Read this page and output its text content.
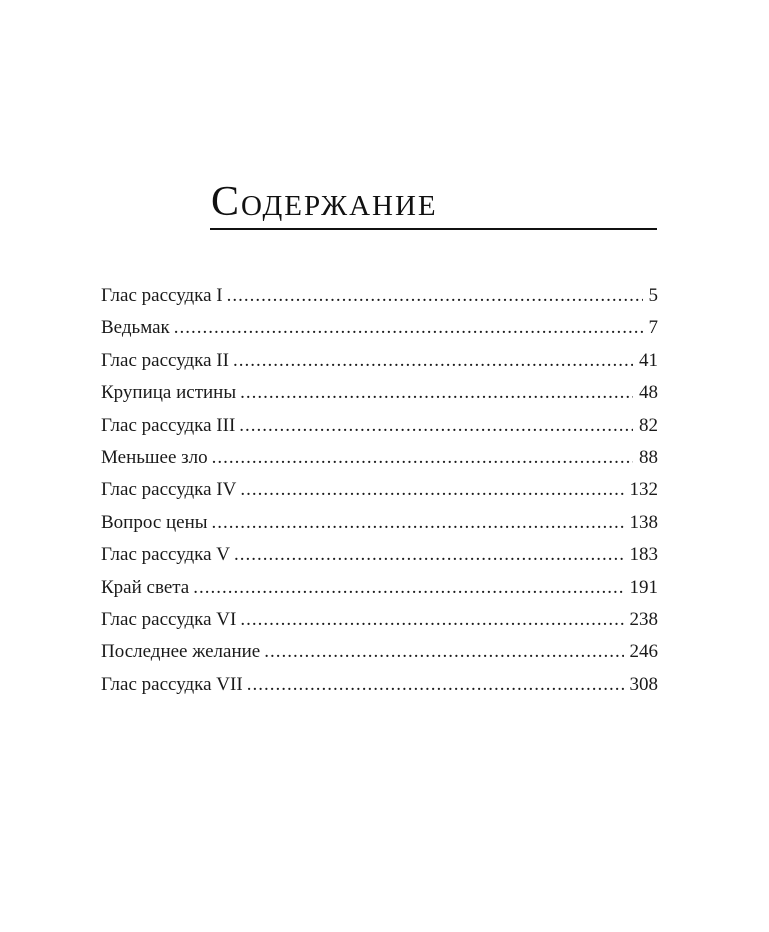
Содержание
Глас рассудка I .....	5
Ведьмак .....	7
Глас рассудка II .....	41
Крупица истины .....	48
Глас рассудка III .....	82
Меньшее зло .....	88
Глас рассудка IV .....	132
Вопрос цены .....	138
Глас рассудка V .....	183
Край света .....	191
Глас рассудка VI .....	238
Последнее желание .....	246
Глас рассудка VII .....	308
